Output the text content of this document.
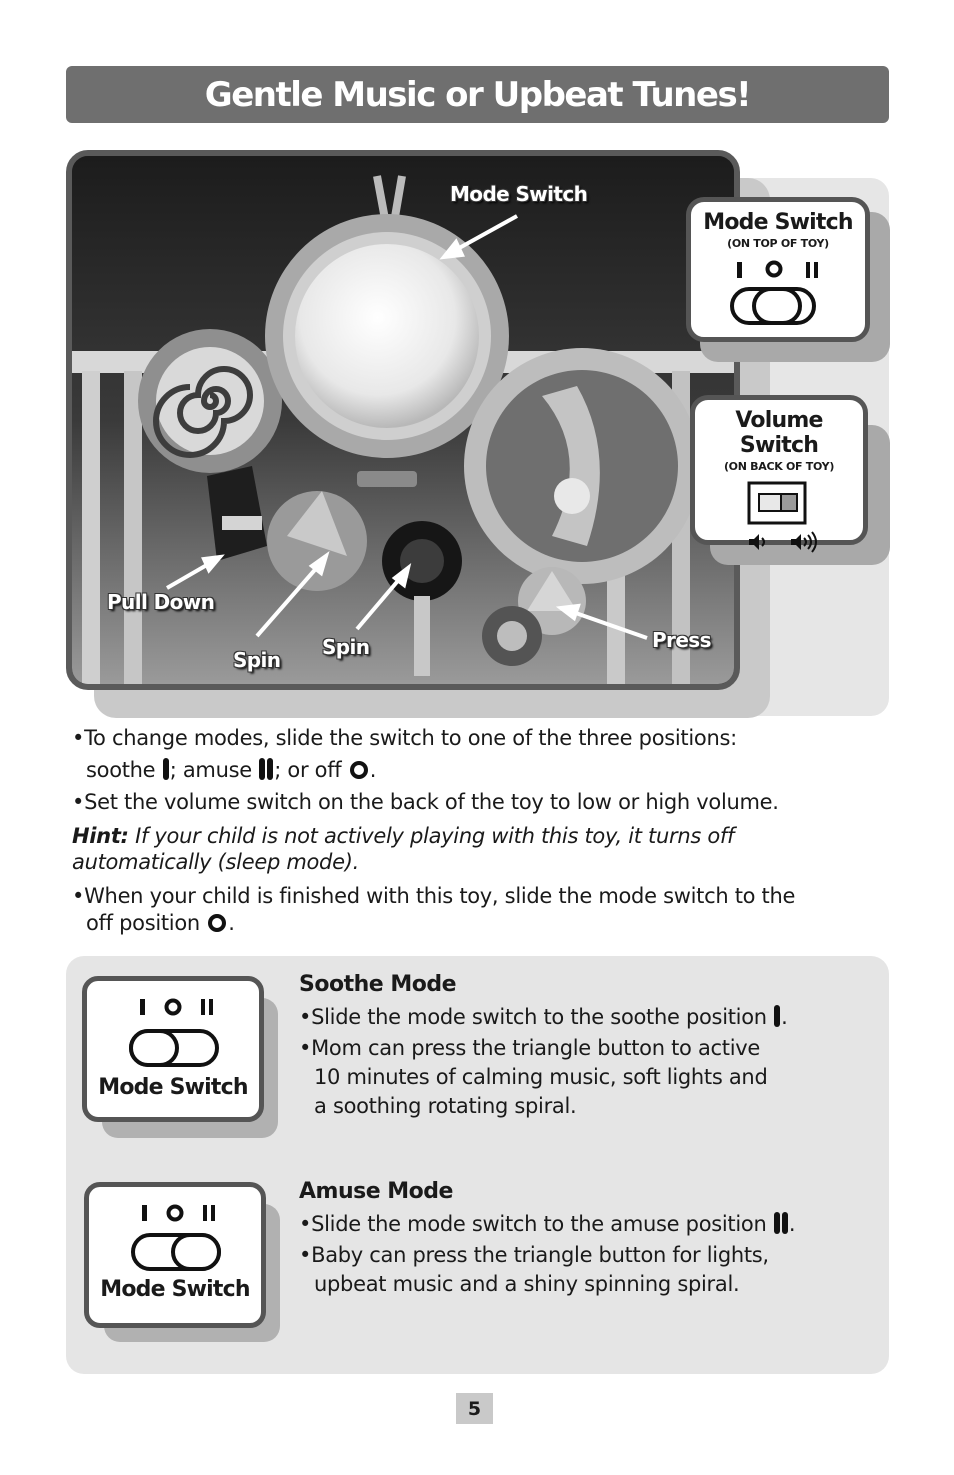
Gentle Music or Upbeat Tunes!
Mode Switch
Pull Down
Spin
Spin	Press
Mode Switch
(ON TOP OF TOY)
Volume Switch
(ON BACK OF TOY)
•To change modes, slide the switch to one of the three positions:
soothe ; amuse ; or off .
•Set the volume switch on the back of the toy to low or high volume.
Hint: If your child is not actively playing with this toy, it turns off
automatically (sleep mode).
•When your child is finished with this toy, slide the mode switch to the
off position .
Mode Switch
Soothe Mode
•Slide the mode switch to the soothe position .
•Mom can press the triangle button to active
10 minutes of calming music, soft lights and
a soothing rotating spiral.
Mode Switch
Amuse Mode
•Slide the mode switch to the amuse position .
•Baby can press the triangle button for lights,
upbeat music and a shiny spinning spiral.
5
